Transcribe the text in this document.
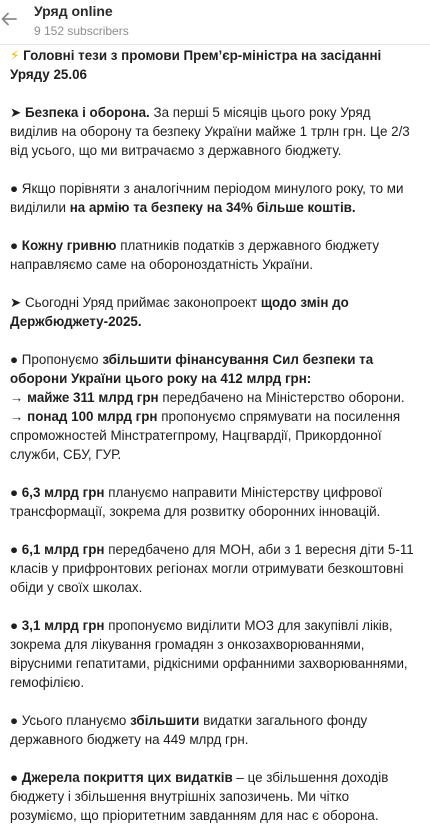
Уряд online
9 152 subscribers

⚡ Головні тези з промови Прем’єр-міністра на засіданні
Уряду 25.06

➤ Безпека і оборона. За перші 5 місяців цього року Уряд
виділив на оборону та безпеку України майже 1 трлн грн. Це 2/3
від усього, що ми витрачаємо з державного бюджету.

● Якщо порівняти з аналогічним періодом минулого року, то ми
виділили на армію та безпеку на 34% більше коштів.

● Кожну гривню платників податків з державного бюджету
направляємо саме на обороноздатність України.

➤ Сьогодні Уряд приймає законопроект щодо змін до
Держбюджету-2025.

● Пропонуємо збільшити фінансування Сил безпеки та
оборони України цього року на 412 млрд грн:
→ майже 311 млрд грн передбачено на Міністерство оборони.
→ понад 100 млрд грн пропонуємо спрямувати на посилення
спроможностей Мінстратегпрому, Нацгвардії, Прикордонної
служби, СБУ, ГУР.

● 6,3 млрд грн плануємо направити Міністерству цифрової
трансформації, зокрема для розвитку оборонних інновацій.

● 6,1 млрд грн передбачено для МОН, аби з 1 вересня діти 5-11
класів у прифронтових регіонах могли отримувати безкоштовні
обіди у своїх школах.

● 3,1 млрд грн пропонуємо виділити МОЗ для закупівлі ліків,
зокрема для лікування громадян з онкозахворюваннями,
вірусними гепатитами, рідкісними орфанними захворюваннями,
гемофілією.

● Усього плануємо збільшити видатки загального фонду
державного бюджету на 449 млрд грн.

● Джерела покриття цих видатків – це збільшення доходів
бюджету і збільшення внутрішніх запозичень. Ми чітко
розуміємо, що пріоритетним завданням для нас є оборона.
